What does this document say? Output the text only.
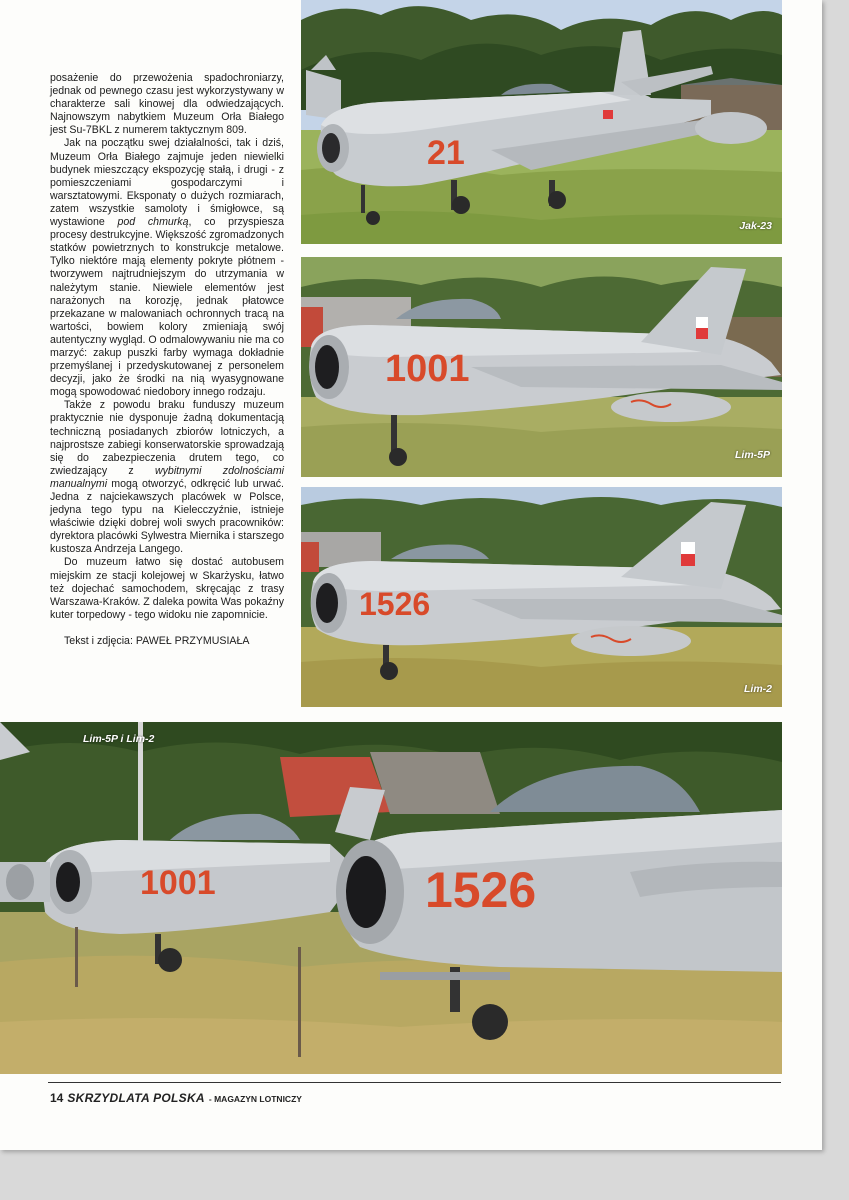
posażenie do przewożenia spadochroniarzy, jednak od pewnego czasu jest wykorzystywany w charakterze sali kinowej dla odwiedzających. Najnowszym nabytkiem Muzeum Orła Białego jest Su-7BKL z numerem taktycznym 809.

Jak na początku swej działalności, tak i dziś, Muzeum Orła Białego zajmuje jeden niewielki budynek mieszczący ekspozycję stałą, i drugi - z pomieszczeniami gospodarczymi i warsztatowymi. Eksponaty o dużych rozmiarach, zatem wszystkie samoloty i śmigłowce, są wystawione pod chmurką, co przyspiesza procesy destrukcyjne. Większość zgromadzonych statków powietrznych to konstrukcje metalowe. Tylko niektóre mają elementy pokryte płótnem - tworzywem najtrudniejszym do utrzymania w należytym stanie. Niewiele elementów jest narażonych na korozję, jednak płatowce przekazane w malowaniach ochronnych tracą na wartości, bowiem kolory zmieniają swój autentyczny wygląd. O odmalowywaniu nie ma co marzyć: zakup puszki farby wymaga dokładnie przemyślanej i przedyskutowanej z personelem decyzji, jako że środki na nią wyasygnowane mogą spowodować niedobory innego rodzaju.

Także z powodu braku funduszy muzeum praktycznie nie dysponuje żadną dokumentacją techniczną posiadanych zbiorów lotniczych, a najprostsze zabiegi konserwatorskie sprowadzają się do zabezpieczenia drutem tego, co zwiedzający z wybitnymi zdolnościami manualnymi mogą otworzyć, odkręcić lub urwać. Jedna z najciekawszych placówek w Polsce, jedyna tego typu na Kielecczyźnie, istnieje właściwie dzięki dobrej woli swych pracowników: dyrektora placówki Sylwestra Miernika i starszego kustosza Andrzeja Langego.

Do muzeum łatwo się dostać autobusem miejskim ze stacji kolejowej w Skarżysku, łatwo też dojechać samochodem, skręcając z trasy Warszawa-Kraków. Z daleka powita Was pokaźny kuter torpedowy - tego widoku nie zapomnicie.

Tekst i zdjęcia: PAWEŁ PRZYMUSIAŁA

21
Jak-23
1001
Lim-5P
1526
Lim-2
1001	1526
Lim-5P i Lim-2
14 SKRZYDLATA POLSKA - MAGAZYN LOTNICZY
